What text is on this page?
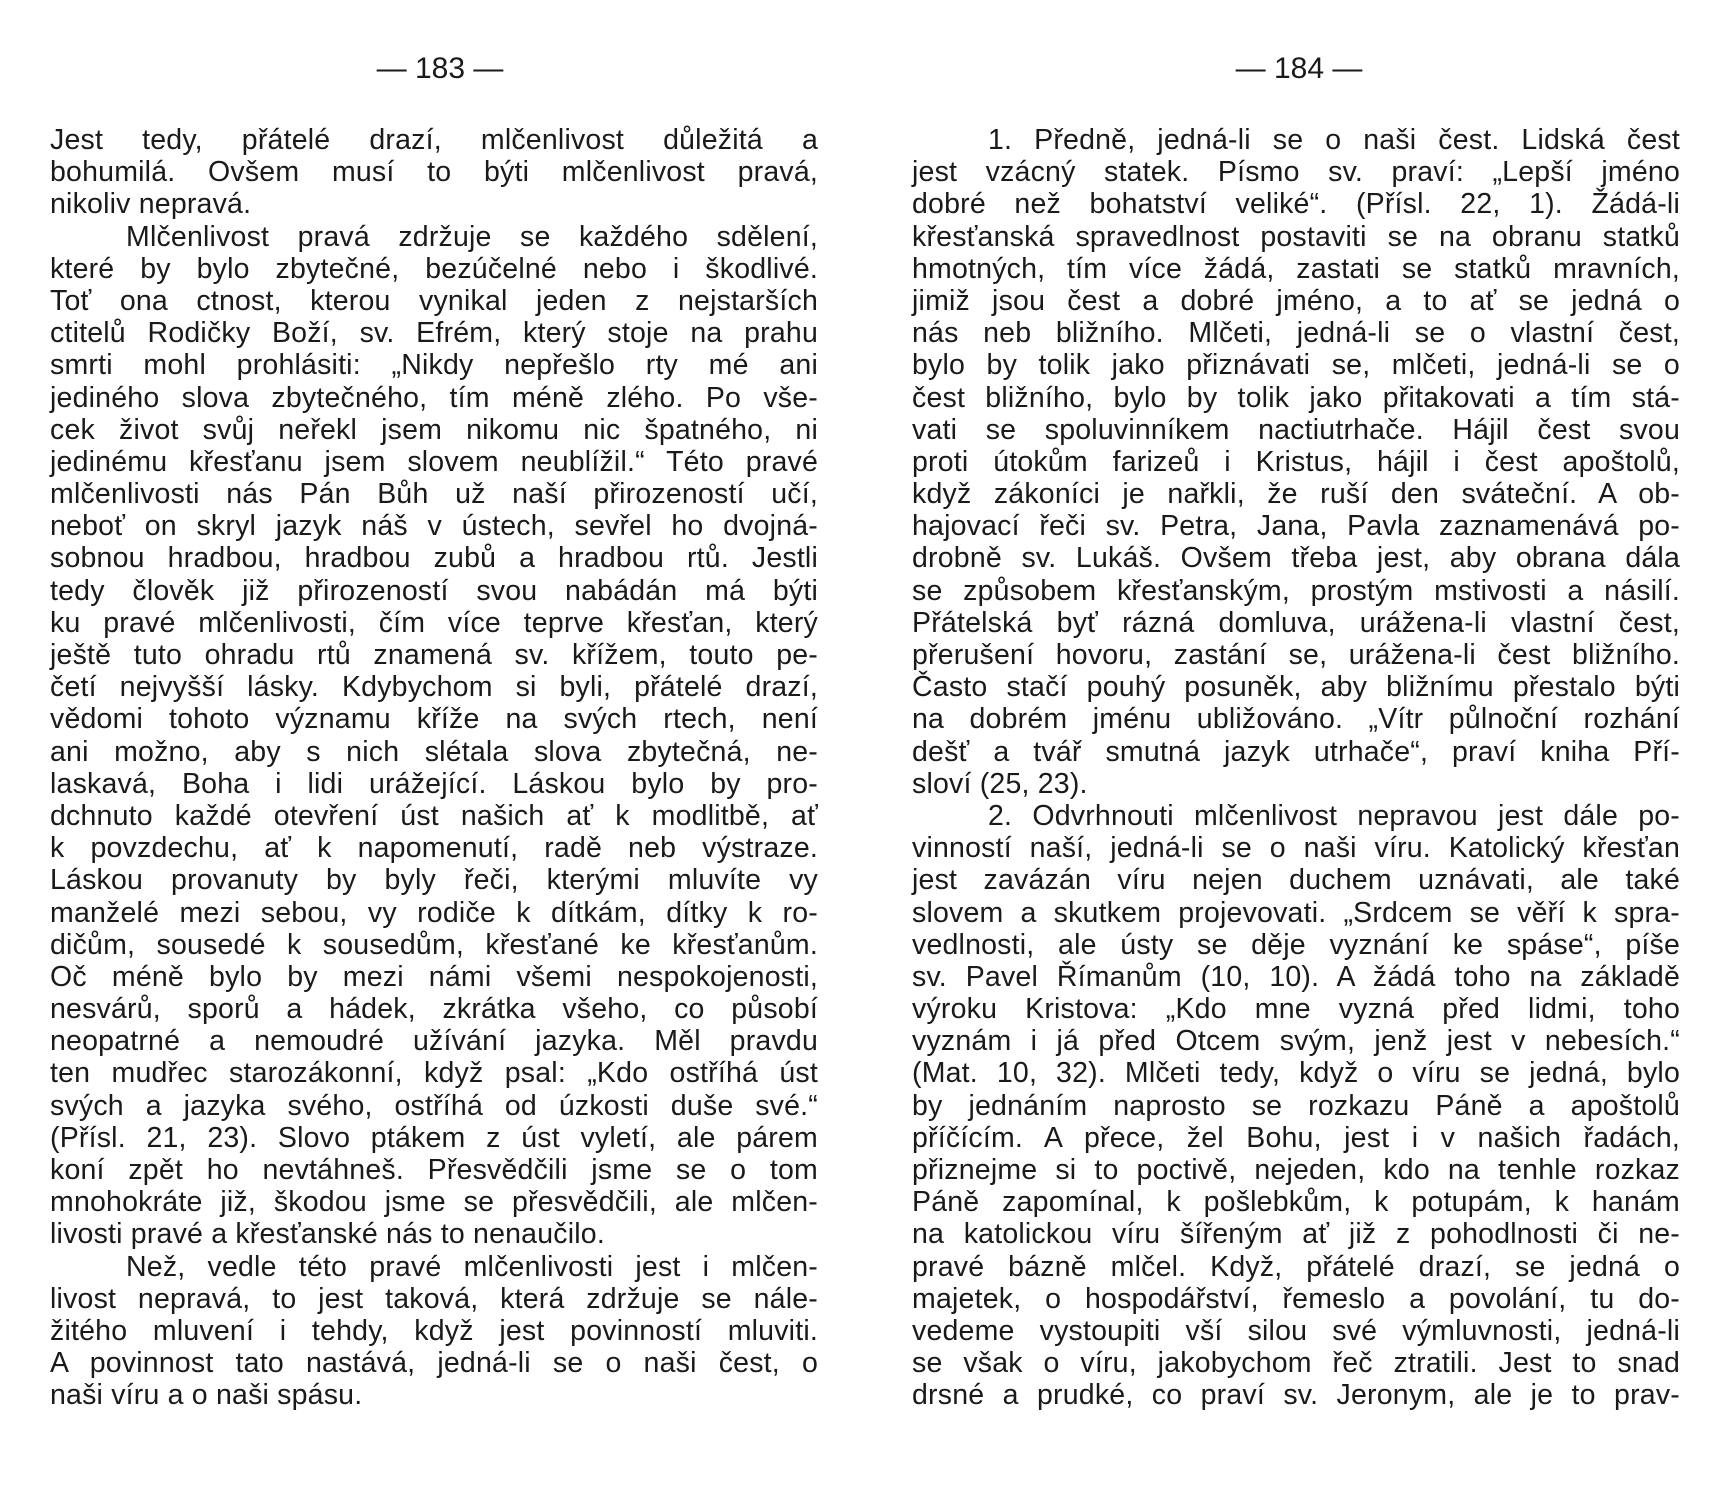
— 183 —
Jest tedy, přátelé drazí, mlčenlivost důležitá a
bohumilá. Ovšem musí to býti mlčenlivost pravá,
nikoliv nepravá.
Mlčenlivost pravá zdržuje se každého sdělení,
které by bylo zbytečné, bezúčelné nebo i škodlivé.
Toť ona ctnost, kterou vynikal jeden z nejstarších
ctitelů Rodičky Boží, sv. Efrém, který stoje na prahu
smrti mohl prohlásiti: „Nikdy nepřešlo rty mé ani
jediného slova zbytečného, tím méně zlého. Po vše-
cek život svůj neřekl jsem nikomu nic špatného, ni
jedinému křesťanu jsem slovem neublížil.“ Této pravé
mlčenlivosti nás Pán Bůh už naší přirozeností učí,
neboť on skryl jazyk náš v ústech, sevřel ho dvojná-
sobnou hradbou, hradbou zubů a hradbou rtů. Jestli
tedy člověk již přirozeností svou nabádán má býti
ku pravé mlčenlivosti, čím více teprve křesťan, který
ještě tuto ohradu rtů znamená sv. křížem, touto pe-
četí nejvyšší lásky. Kdybychom si byli, přátelé drazí,
vědomi tohoto významu kříže na svých rtech, není
ani možno, aby s nich slétala slova zbytečná, ne-
laskavá, Boha i lidi urážející. Láskou bylo by pro-
dchnuto každé otevření úst našich ať k modlitbě, ať
k povzdechu, ať k napomenutí, radě neb výstraze.
Láskou provanuty by byly řeči, kterými mluvíte vy
manželé mezi sebou, vy rodiče k dítkám, dítky k ro-
dičům, sousedé k sousedům, křesťané ke křesťanům.
Oč méně bylo by mezi námi všemi nespokojenosti,
nesvárů, sporů a hádek, zkrátka všeho, co působí
neopatrné a nemoudré užívání jazyka. Měl pravdu
ten mudřec starozákonní, když psal: „Kdo ostříhá úst
svých a jazyka svého, ostříhá od úzkosti duše své.“
(Přísl. 21, 23). Slovo ptákem z úst vyletí, ale párem
koní zpět ho nevtáhneš. Přesvědčili jsme se o tom
mnohokráte již, škodou jsme se přesvědčili, ale mlčen-
livosti pravé a křesťanské nás to nenaučilo.
Než, vedle této pravé mlčenlivosti jest i mlčen-
livost nepravá, to jest taková, která zdržuje se nále-
žitého mluvení i tehdy, když jest povinností mluviti.
A povinnost tato nastává, jedná-li se o naši čest, o
naši víru a o naši spásu.
— 184 —
1. Předně, jedná-li se o naši čest. Lidská čest
jest vzácný statek. Písmo sv. praví: „Lepší jméno
dobré než bohatství veliké“. (Přísl. 22, 1). Žádá-li
křesťanská spravedlnost postaviti se na obranu statků
hmotných, tím více žádá, zastati se statků mravních,
jimiž jsou čest a dobré jméno, a to ať se jedná o
nás neb bližního. Mlčeti, jedná-li se o vlastní čest,
bylo by tolik jako přiznávati se, mlčeti, jedná-li se o
čest bližního, bylo by tolik jako přitakovati a tím stá-
vati se spoluvinníkem nactiutrhače. Hájil čest svou
proti útokům farizeů i Kristus, hájil i čest apoštolů,
když zákoníci je nařkli, že ruší den sváteční. A ob-
hajovací řeči sv. Petra, Jana, Pavla zaznamenává po-
drobně sv. Lukáš. Ovšem třeba jest, aby obrana dála
se způsobem křesťanským, prostým mstivosti a násilí.
Přátelská byť rázná domluva, urážena-li vlastní čest,
přerušení hovoru, zastání se, urážena-li čest bližního.
Často stačí pouhý posuněk, aby bližnímu přestalo býti
na dobrém jménu ubližováno. „Vítr půlnoční rozhání
dešť a tvář smutná jazyk utrhače“, praví kniha Pří-
sloví (25, 23).
2. Odvrhnouti mlčenlivost nepravou jest dále po-
vinností naší, jedná-li se o naši víru. Katolický křesťan
jest zavázán víru nejen duchem uznávati, ale také
slovem a skutkem projevovati. „Srdcem se věří k spra-
vedlnosti, ale ústy se děje vyznání ke spáse“, píše
sv. Pavel Římanům (10, 10). A žádá toho na základě
výroku Kristova: „Kdo mne vyzná před lidmi, toho
vyznám i já před Otcem svým, jenž jest v nebesích.“
(Mat. 10, 32). Mlčeti tedy, když o víru se jedná, bylo
by jednáním naprosto se rozkazu Páně a apoštolů
příčícím. A přece, žel Bohu, jest i v našich řadách,
přiznejme si to poctivě, nejeden, kdo na tenhle rozkaz
Páně zapomínal, k pošlebkům, k potupám, k hanám
na katolickou víru šířeným ať již z pohodlnosti či ne-
pravé bázně mlčel. Když, přátelé drazí, se jedná o
majetek, o hospodářství, řemeslo a povolání, tu do-
vedeme vystoupiti vší silou své výmluvnosti, jedná-li
se však o víru, jakobychom řeč ztratili. Jest to snad
drsné a prudké, co praví sv. Jeronym, ale je to prav-
